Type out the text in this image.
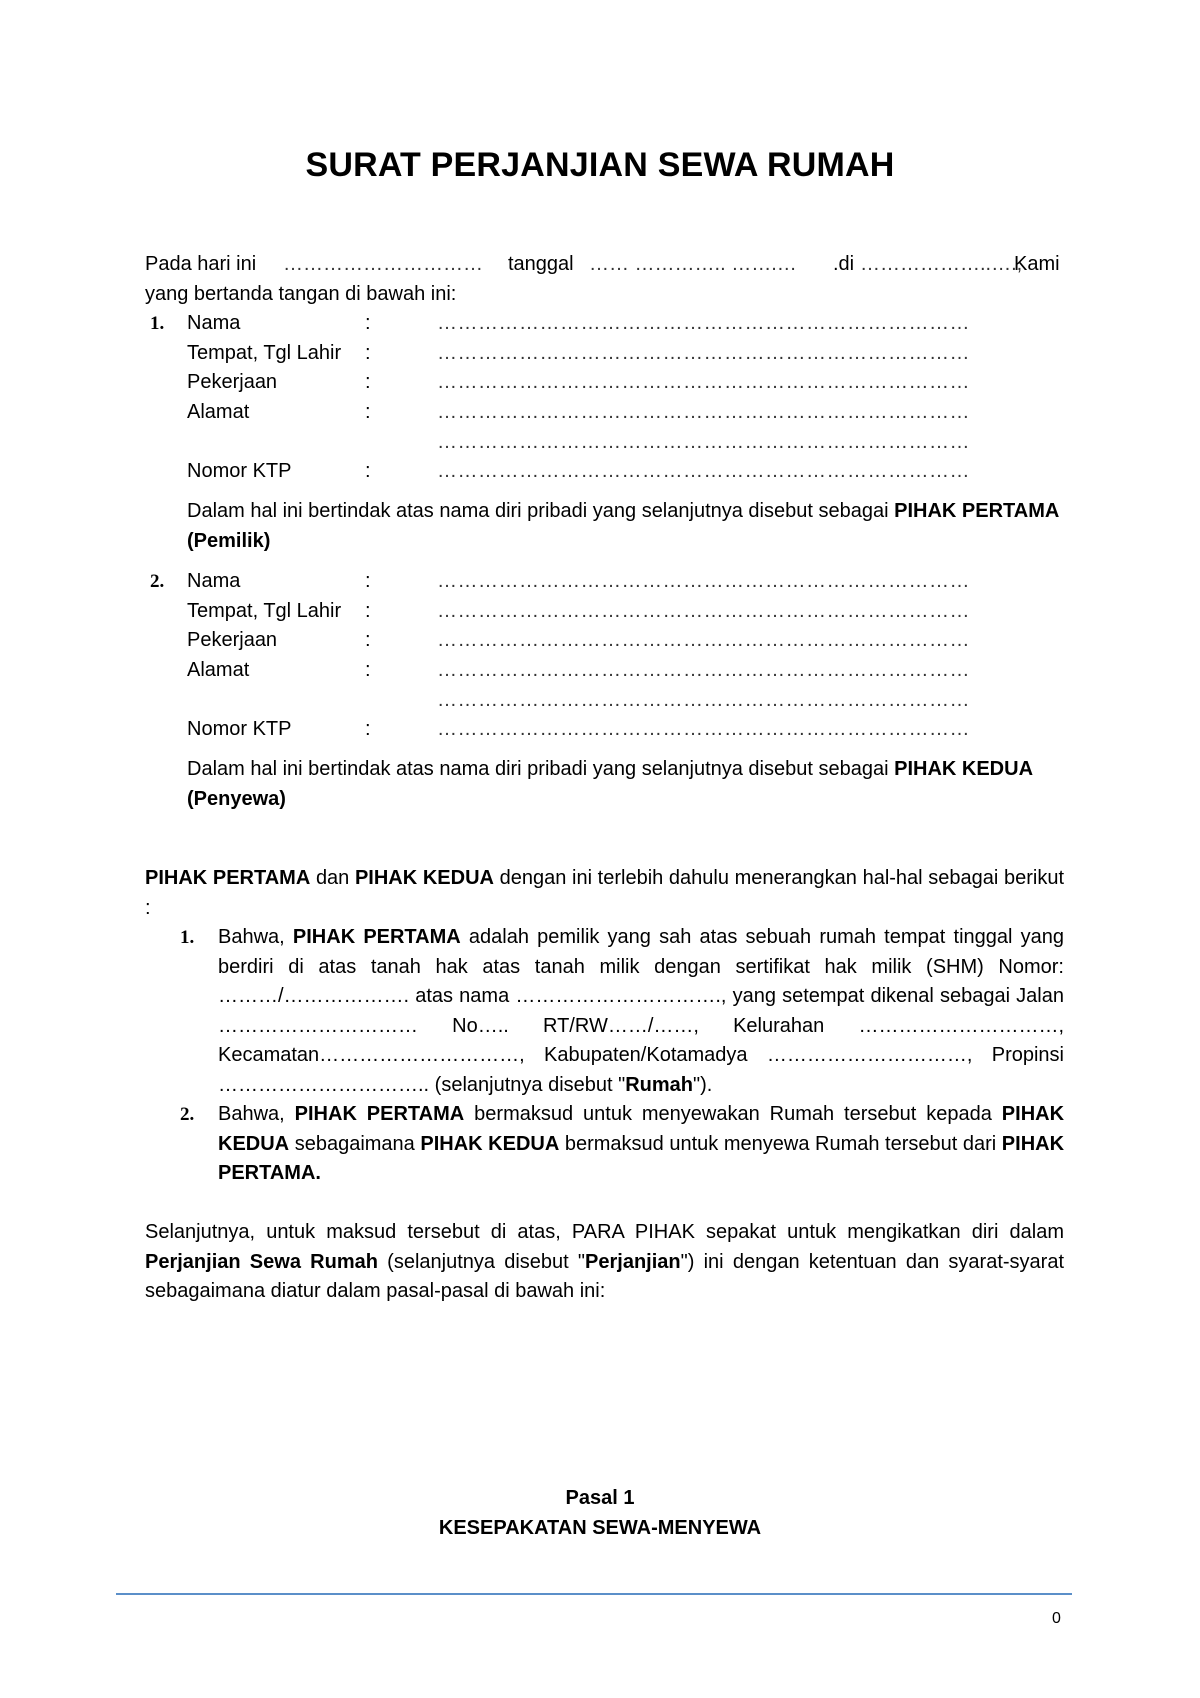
SURAT PERJANJIAN SEWA RUMAH
Pada hari ini ………………………… tanggal …… ………….. …….… .di ………………..….,
Kami
yang bertanda tangan di bawah ini:
1. Nama	:	……………………………………………………………………
Tempat, Tgl Lahir :	……………………………………………………………………
Pekerjaan	:	……………………………………………………………………
Alamat	:	……………………………………………………………………
……………………………………………………………………
Nomor KTP	:	……………………………………………………………………
Dalam hal ini bertindak atas nama diri pribadi yang selanjutnya disebut sebagai PIHAK PERTAMA (Pemilik)
2. Nama	:	……………………………………………………………………
Tempat, Tgl Lahir :	……………………………………………………………………
Pekerjaan	:	……………………………………………………………………
Alamat	:	……………………………………………………………………
……………………………………………………………………
Nomor KTP	:	……………………………………………………………………
Dalam hal ini bertindak atas nama diri pribadi yang selanjutnya disebut sebagai PIHAK KEDUA (Penyewa)
PIHAK PERTAMA dan PIHAK KEDUA dengan ini terlebih dahulu menerangkan hal-hal sebagai berikut :
1. Bahwa, PIHAK PERTAMA adalah pemilik yang sah atas sebuah rumah tempat tinggal yang berdiri di atas tanah hak atas tanah milik dengan sertifikat hak milik (SHM) Nomor: ………/………………. atas nama …………………………., yang setempat dikenal sebagai Jalan ………………………… No….. RT/RW……/……, Kelurahan …………………………, Kecamatan…………………………, Kabupaten/Kotamadya …………………………, Propinsi ………………………….. (selanjutnya disebut "Rumah").
2. Bahwa, PIHAK PERTAMA bermaksud untuk menyewakan Rumah tersebut kepada PIHAK KEDUA sebagaimana PIHAK KEDUA bermaksud untuk menyewa Rumah tersebut dari PIHAK PERTAMA.
Selanjutnya, untuk maksud tersebut di atas, PARA PIHAK sepakat untuk mengikatkan diri dalam Perjanjian Sewa Rumah (selanjutnya disebut "Perjanjian") ini dengan ketentuan dan syarat-syarat sebagaimana diatur dalam pasal-pasal di bawah ini:
Pasal 1
KESEPAKATAN SEWA-MENYEWA
0
